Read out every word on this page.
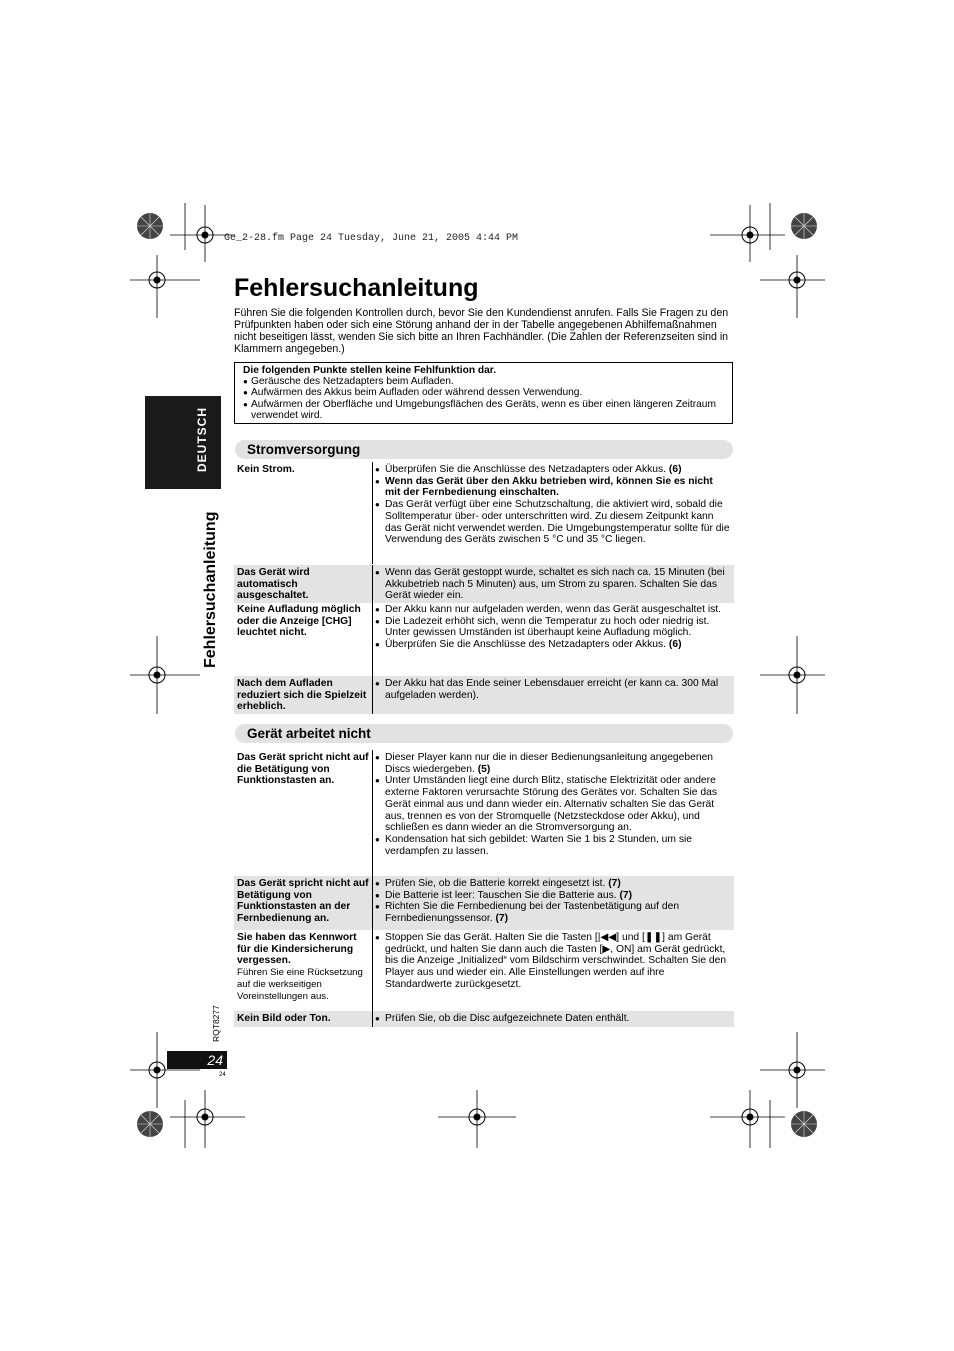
Ge_2-28.fm Page 24 Tuesday, June 21, 2005 4:44 PM
DEUTSCH
Fehlersuchanleitung
Fehlersuchanleitung

Führen Sie die folgenden Kontrollen durch, bevor Sie den Kundendienst anrufen. Falls Sie Fragen zu den Prüfpunkten haben oder sich eine Störung anhand der in der Tabelle angegebenen Abhilfemaßnahmen nicht beseitigen lässt, wenden Sie sich bitte an Ihren Fachhändler. (Die Zahlen der Referenzseiten sind in Klammern angegeben.)

Die folgenden Punkte stellen keine Fehlfunktion dar.
● Geräusche des Netzadapters beim Aufladen.
● Aufwärmen des Akkus beim Aufladen oder während dessen Verwendung.
● Aufwärmen der Oberfläche und Umgebungsflächen des Geräts, wenn es über einen längeren Zeitraum verwendet wird.
Stromversorgung
Kein Strom.	● Überprüfen Sie die Anschlüsse des Netzadapters oder Akkus. (6)
● Wenn das Gerät über den Akku betrieben wird, können Sie es nicht mit der Fernbedienung einschalten.
● Das Gerät verfügt über eine Schutzschaltung, die aktiviert wird, sobald die Solltemperatur über- oder unterschritten wird. Zu diesem Zeitpunkt kann das Gerät nicht verwendet werden. Die Umgebungstemperatur sollte für die Verwendung des Geräts zwischen 5 °C und 35 °C liegen.
Das Gerät wird automatisch ausgeschaltet.
● Wenn das Gerät gestoppt wurde, schaltet es sich nach ca. 15 Minuten (bei Akkubetrieb nach 5 Minuten) aus, um Strom zu sparen. Schalten Sie das Gerät wieder ein.
Keine Aufladung möglich oder die Anzeige [CHG] leuchtet nicht.
● Der Akku kann nur aufgeladen werden, wenn das Gerät ausgeschaltet ist.
● Die Ladezeit erhöht sich, wenn die Temperatur zu hoch oder niedrig ist. Unter gewissen Umständen ist überhaupt keine Aufladung möglich.
● Überprüfen Sie die Anschlüsse des Netzadapters oder Akkus. (6)
Nach dem Aufladen reduziert sich die Spielzeit erheblich.
● Der Akku hat das Ende seiner Lebensdauer erreicht (er kann ca. 300 Mal aufgeladen werden).
Gerät arbeitet nicht
Das Gerät spricht nicht auf die Betätigung von Funktionstasten an.
● Dieser Player kann nur die in dieser Bedienungsanleitung angegebenen Discs wiedergeben. (5)
● Unter Umständen liegt eine durch Blitz, statische Elektrizität oder andere externe Faktoren verursachte Störung des Gerätes vor. Schalten Sie das Gerät einmal aus und dann wieder ein. Alternativ schalten Sie das Gerät aus, trennen es von der Stromquelle (Netzsteckdose oder Akku), und schließen es dann wieder an die Stromversorgung an.
● Kondensation hat sich gebildet: Warten Sie 1 bis 2 Stunden, um sie verdampfen zu lassen.
Das Gerät spricht nicht auf Betätigung von Funktionstasten an der Fernbedienung an.
● Prüfen Sie, ob die Batterie korrekt eingesetzt ist. (7)
● Die Batterie ist leer: Tauschen Sie die Batterie aus. (7)
● Richten Sie die Fernbedienung bei der Tastenbetätigung auf den Fernbedienungssensor. (7)
Sie haben das Kennwort für die Kindersicherung vergessen.
Führen Sie eine Rücksetzung auf die werkseitigen Voreinstellungen aus.
● Stoppen Sie das Gerät. Halten Sie die Tasten [|◀◀] und [❚❚] am Gerät gedrückt, und halten Sie dann auch die Tasten [▶, ON] am Gerät gedrückt, bis die Anzeige „Initialized“ vom Bildschirm verschwindet. Schalten Sie den Player aus und wieder ein. Alle Einstellungen werden auf ihre Standardwerte zurückgesetzt.
Kein Bild oder Ton.	● Prüfen Sie, ob die Disc aufgezeichnete Daten enthält.
RQT8277
24
24
